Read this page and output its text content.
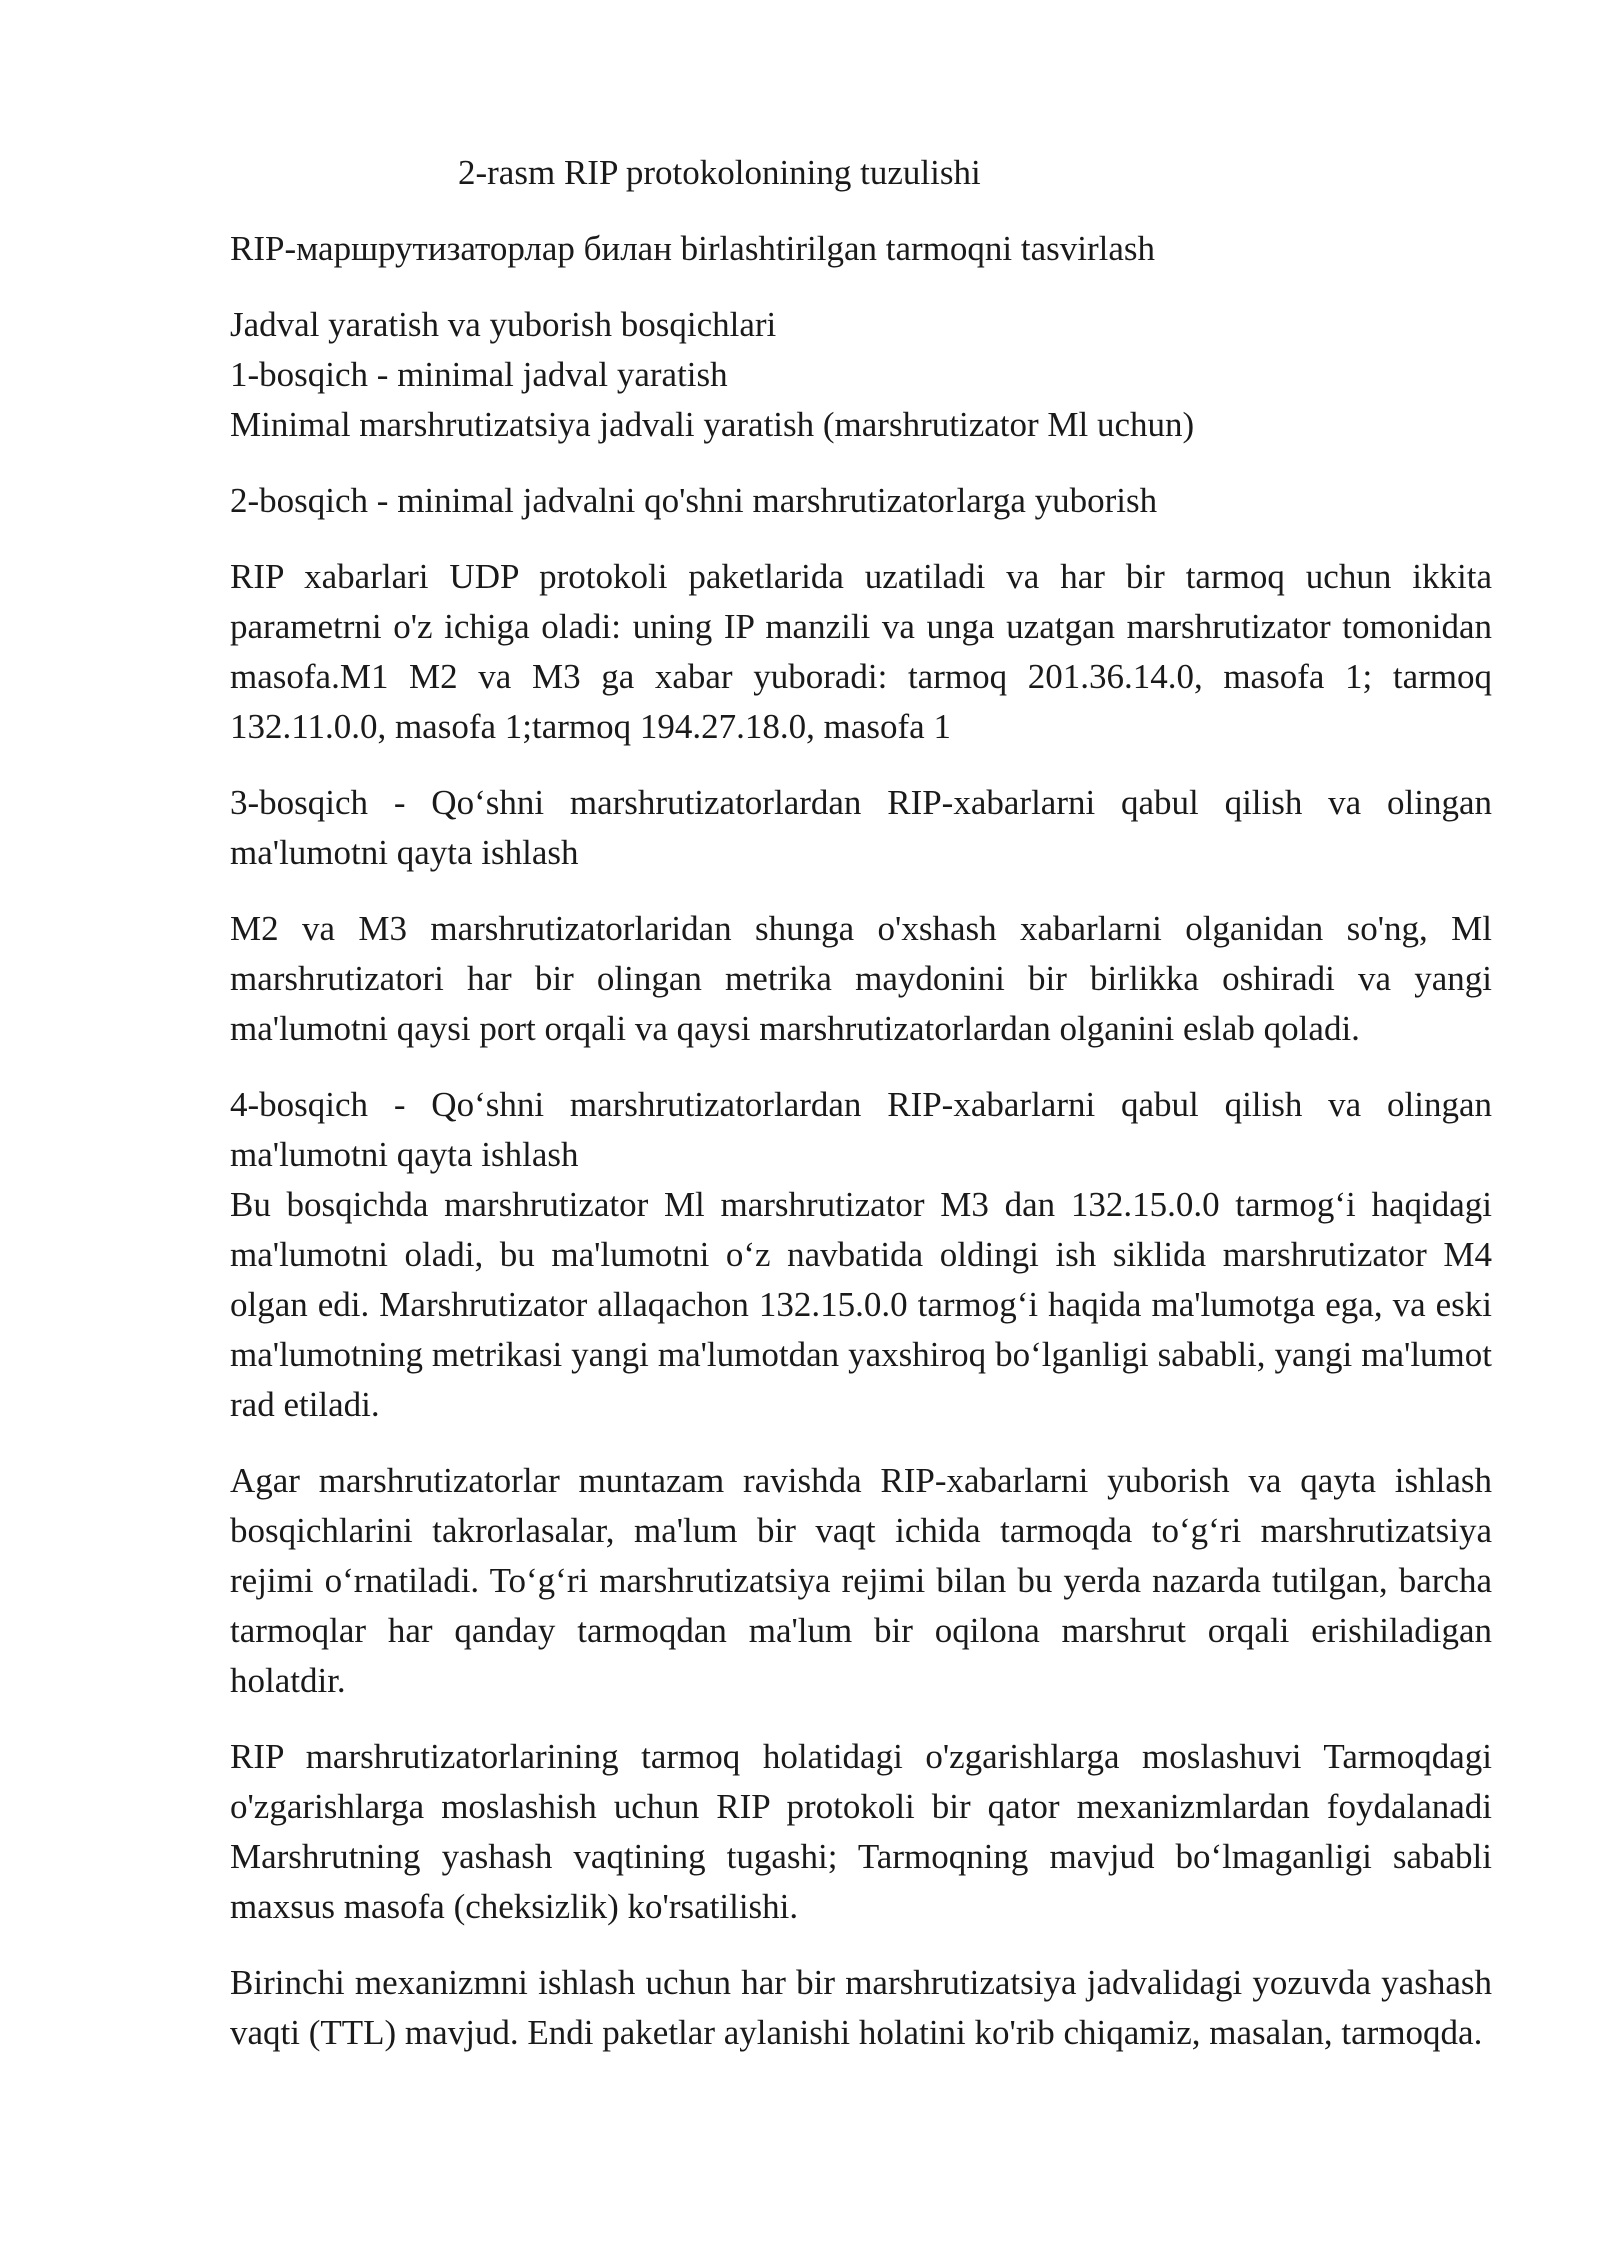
2-rasm RIP protokolonining tuzulishi

RIP-маршрутизаторлар билан birlashtirilgan tarmoqni tasvirlash

Jadval yaratish va yuborish bosqichlari
1-bosqich - minimal jadval yaratish
Minimal marshrutizatsiya jadvali yaratish (marshrutizator Ml uchun)

2-bosqich - minimal jadvalni qo'shni marshrutizatorlarga yuborish

RIP xabarlari UDP protokoli paketlarida uzatiladi va har bir tarmoq uchun ikkita parametrni o'z ichiga oladi: uning IP manzili va unga uzatgan marshrutizator tomonidan masofa.M1 M2 va M3 ga xabar yuboradi: tarmoq 201.36.14.0, masofa 1; tarmoq 132.11.0.0, masofa 1;tarmoq 194.27.18.0, masofa 1

3-bosqich - Qo‘shni marshrutizatorlardan RIP-xabarlarni qabul qilish va olingan ma'lumotni qayta ishlash

M2 va M3 marshrutizatorlaridan shunga o'xshash xabarlarni olganidan so'ng, Ml marshrutizatori har bir olingan metrika maydonini bir birlikka oshiradi va yangi ma'lumotni qaysi port orqali va qaysi marshrutizatorlardan olganini eslab qoladi.

4-bosqich - Qo‘shni marshrutizatorlardan RIP-xabarlarni qabul qilish va olingan ma'lumotni qayta ishlash

Bu bosqichda marshrutizator Ml marshrutizator M3 dan 132.15.0.0 tarmog‘i haqidagi ma'lumotni oladi, bu ma'lumotni o‘z navbatida oldingi ish siklida marshrutizator M4 olgan edi. Marshrutizator allaqachon 132.15.0.0 tarmog‘i haqida ma'lumotga ega, va eski ma'lumotning metrikasi yangi ma'lumotdan yaxshiroq bo‘lganligi sababli, yangi ma'lumot rad etiladi.

Agar marshrutizatorlar muntazam ravishda RIP-xabarlarni yuborish va qayta ishlash bosqichlarini takrorlasalar, ma'lum bir vaqt ichida tarmoqda to‘g‘ri marshrutizatsiya rejimi o‘rnatiladi. To‘g‘ri marshrutizatsiya rejimi bilan bu yerda nazarda tutilgan, barcha tarmoqlar har qanday tarmoqdan ma'lum bir oqilona marshrut orqali erishiladigan holatdir.

RIP marshrutizatorlarining tarmoq holatidagi o'zgarishlarga moslashuvi Tarmoqdagi o'zgarishlarga moslashish uchun RIP protokoli bir qator mexanizmlardan foydalanadi Marshrutning yashash vaqtining tugashi; Tarmoqning mavjud bo‘lmaganligi sababli maxsus masofa (cheksizlik) ko'rsatilishi.

Birinchi mexanizmni ishlash uchun har bir marshrutizatsiya jadvalidagi yozuvda yashash vaqti (TTL) mavjud. Endi paketlar aylanishi holatini ko'rib chiqamiz, masalan, tarmoqda.
